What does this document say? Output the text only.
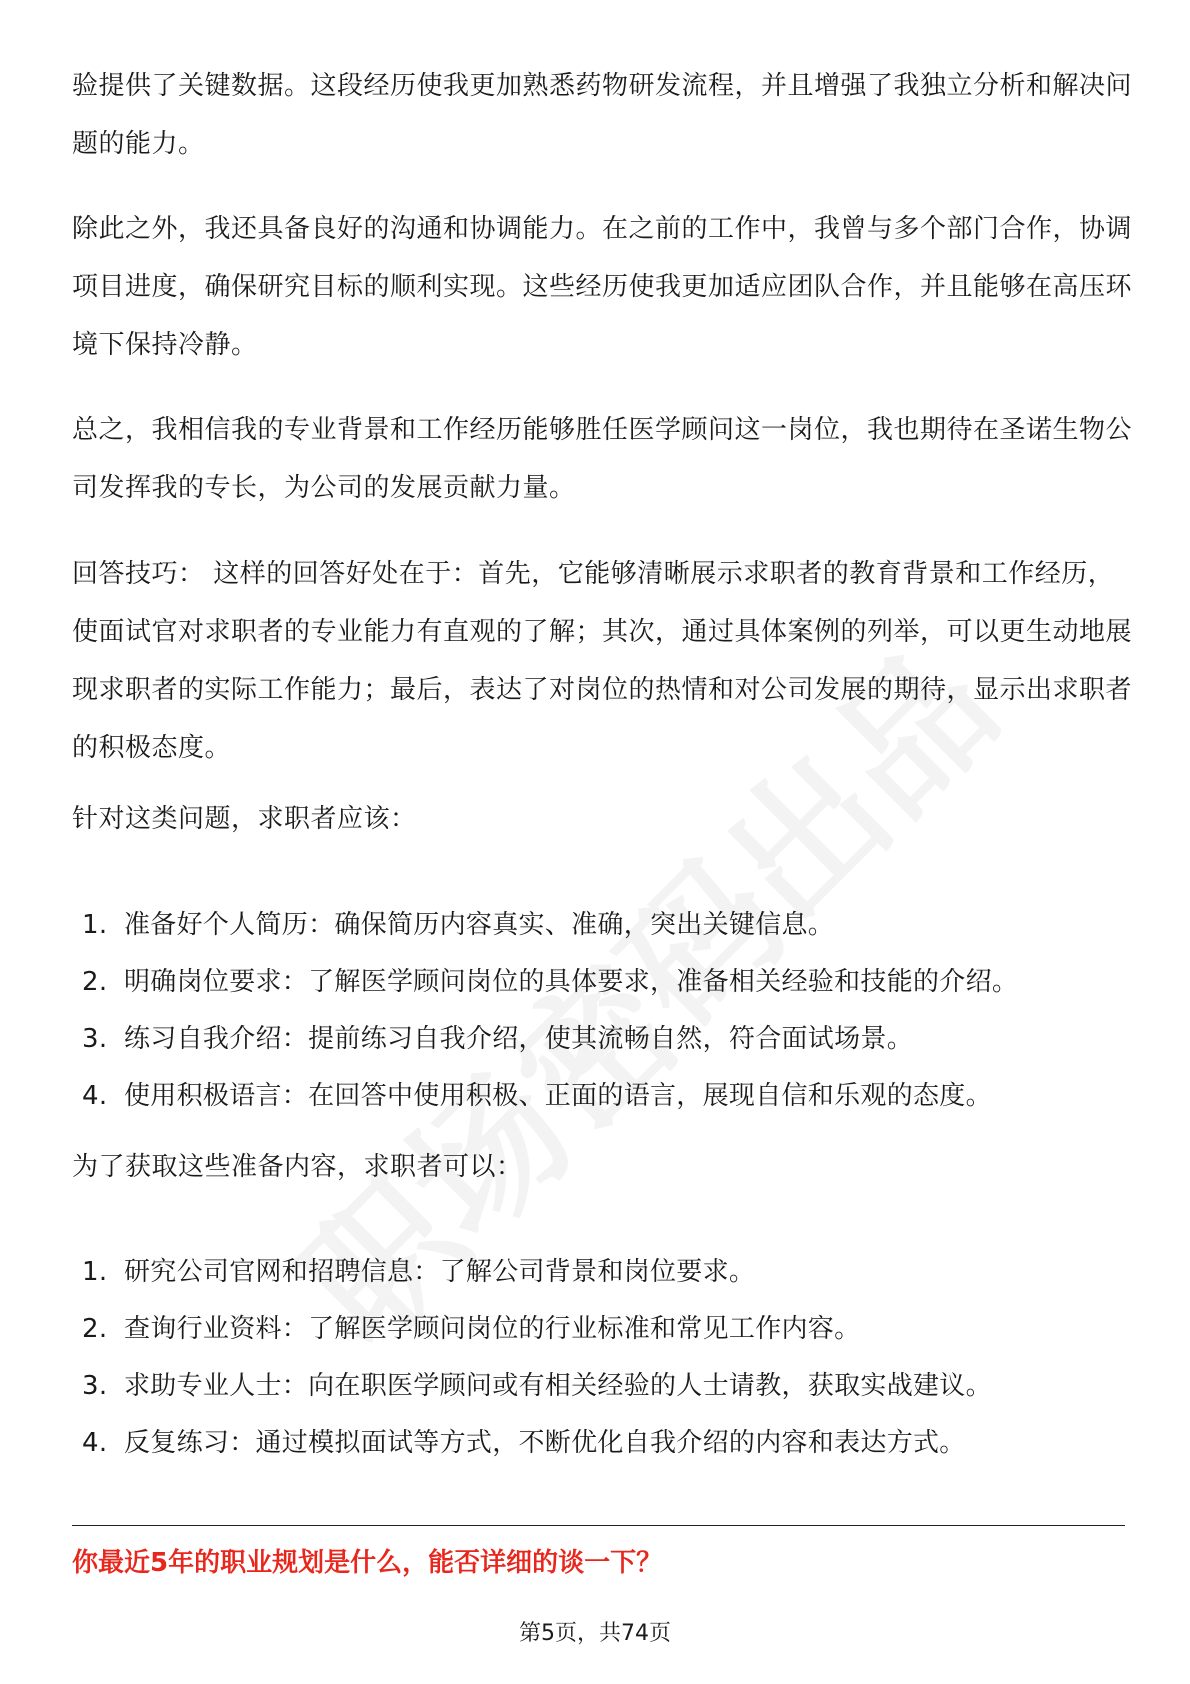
验提供了关键数据。这段经历使我更加熟悉药物研发流程，并且增强了我独立分析和解决问题的能力。

除此之外，我还具备良好的沟通和协调能力。在之前的工作中，我曾与多个部门合作，协调项目进度，确保研究目标的顺利实现。这些经历使我更加适应团队合作，并且能够在高压环境下保持冷静。

总之，我相信我的专业背景和工作经历能够胜任医学顾问这一岗位，我也期待在圣诺生物公司发挥我的专长，为公司的发展贡献力量。

回答技巧： 这样的回答好处在于：首先，它能够清晰展示求职者的教育背景和工作经历，使面试官对求职者的专业能力有直观的了解；其次，通过具体案例的列举，可以更生动地展现求职者的实际工作能力；最后，表达了对岗位的热情和对公司发展的期待，显示出求职者的积极态度。

针对这类问题，求职者应该：

1. 准备好个人简历：确保简历内容真实、准确，突出关键信息。
2. 明确岗位要求：了解医学顾问岗位的具体要求，准备相关经验和技能的介绍。
3. 练习自我介绍：提前练习自我介绍，使其流畅自然，符合面试场景。
4. 使用积极语言：在回答中使用积极、正面的语言，展现自信和乐观的态度。

为了获取这些准备内容，求职者可以：

1. 研究公司官网和招聘信息：了解公司背景和岗位要求。
2. 查询行业资料：了解医学顾问岗位的行业标准和常见工作内容。
3. 求助专业人士：向在职医学顾问或有相关经验的人士请教，获取实战建议。
4. 反复练习：通过模拟面试等方式，不断优化自我介绍的内容和表达方式。
你最近5年的职业规划是什么，能否详细的谈一下？
第5页，共74页
